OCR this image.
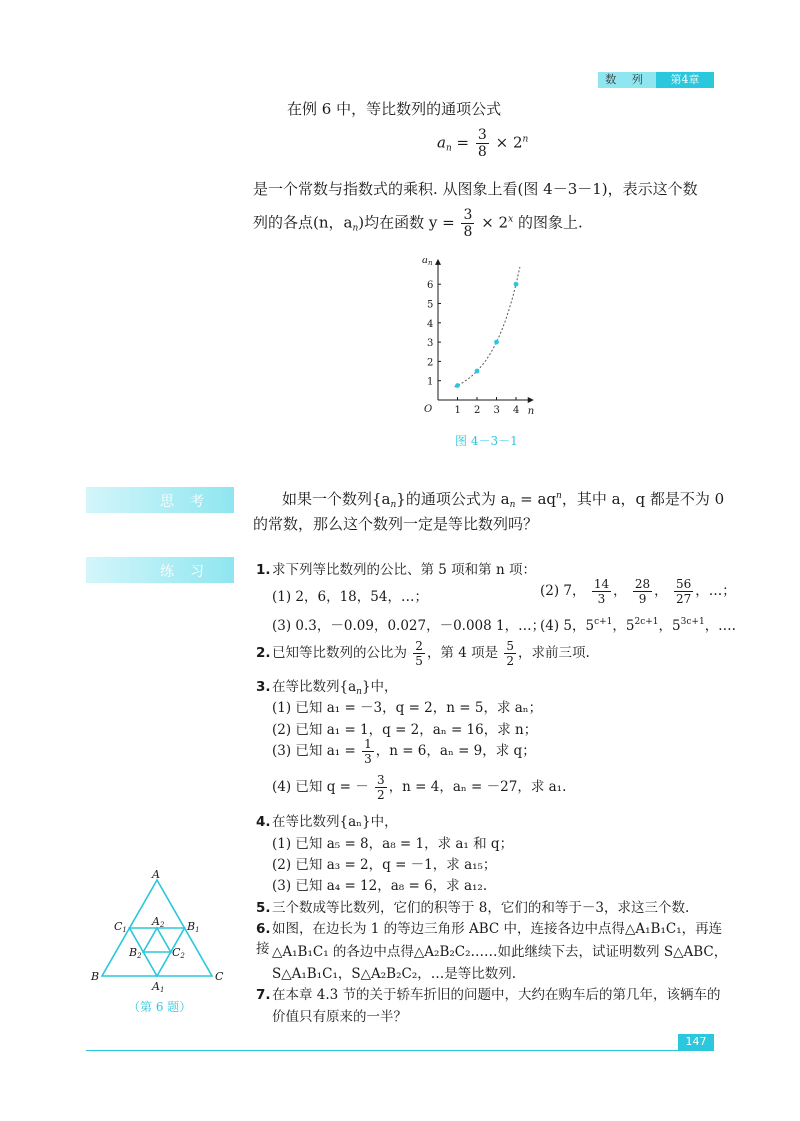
数 列	第4章
在例 6 中，等比数列的通项公式
$a_n = \frac{3}{8} \times 2^n$
是一个常数与指数式的乘积. 从图象上看(图 4－3－1)，表示这个数
列的各点(n，$a_n$)均在函数 $y = \frac{3}{8} \times 2^x$ 的图象上.
1 2 3 4
1
2
3
4
5
6
O	n
$a_n$
图 4－3－1
思考	如果一个数列$\{a_n\}$的通项公式为 $a_n = aq^n$，其中 a，q 都是不为 0
的常数，那么这个数列一定是等比数列吗？
练习	1.求下列等比数列的公比、第 5 项和第 n 项：
(1) 2，6，18，54，…；	(2) 7， $\frac{14}{3}$ ， $\frac{28}{9}$ ， $\frac{56}{27}$ ，…；
(3) 0.3，－0.09，0.027，－0.008 1，…；
(4) 5，$5^{c+1}$，$5^{2c+1}$，$5^{3c+1}$，….
2.已知等比数列的公比为 $\frac{2}{5}$ ，第 4 项是 $\frac{5}{2}$ ，求前三项.
3.在等比数列$\{a_n\}$中，
(1) 已知 a₁ = －3，q = 2，n = 5，求 aₙ；
(2) 已知 a₁ = 1，q = 2，aₙ = 16，求 n；
(3) 已知 $a_1 = \frac{1}{3}$ ，n = 6，aₙ = 9，求 q；
(4) 已知 q = － $\frac{3}{2}$ ，n = 4，aₙ = －27，求 a₁.
4.在等比数列{aₙ}中，
(1) 已知 a₅ = 8，a₈ = 1，求 a₁ 和 q；
(2) 已知 a₃ = 2，q = －1，求 a₁₅；
(3) 已知 a₄ = 12，a₈ = 6，求 a₁₂.
5.三个数成等比数列，它们的积等于 8，它们的和等于－3，求这三个数.
6.如图，在边长为 1 的等边三角形 ABC 中，连接各边中点得△A₁B₁C₁，再连接 △A₁B₁C₁ 的各边中点得△A₂B₂C₂……如此继续下去，试证明数列 S△ABC，
S△A₁B₁C₁，S△A₂B₂C₂，…是等比数列.
7.在本章 4.3 节的关于轿车折旧的问题中，大约在购车后的第几年，该辆车的
价值只有原来的一半？
A
B	C
A1
B1
C1
A2
B2	C2
（第 6 题）
147
